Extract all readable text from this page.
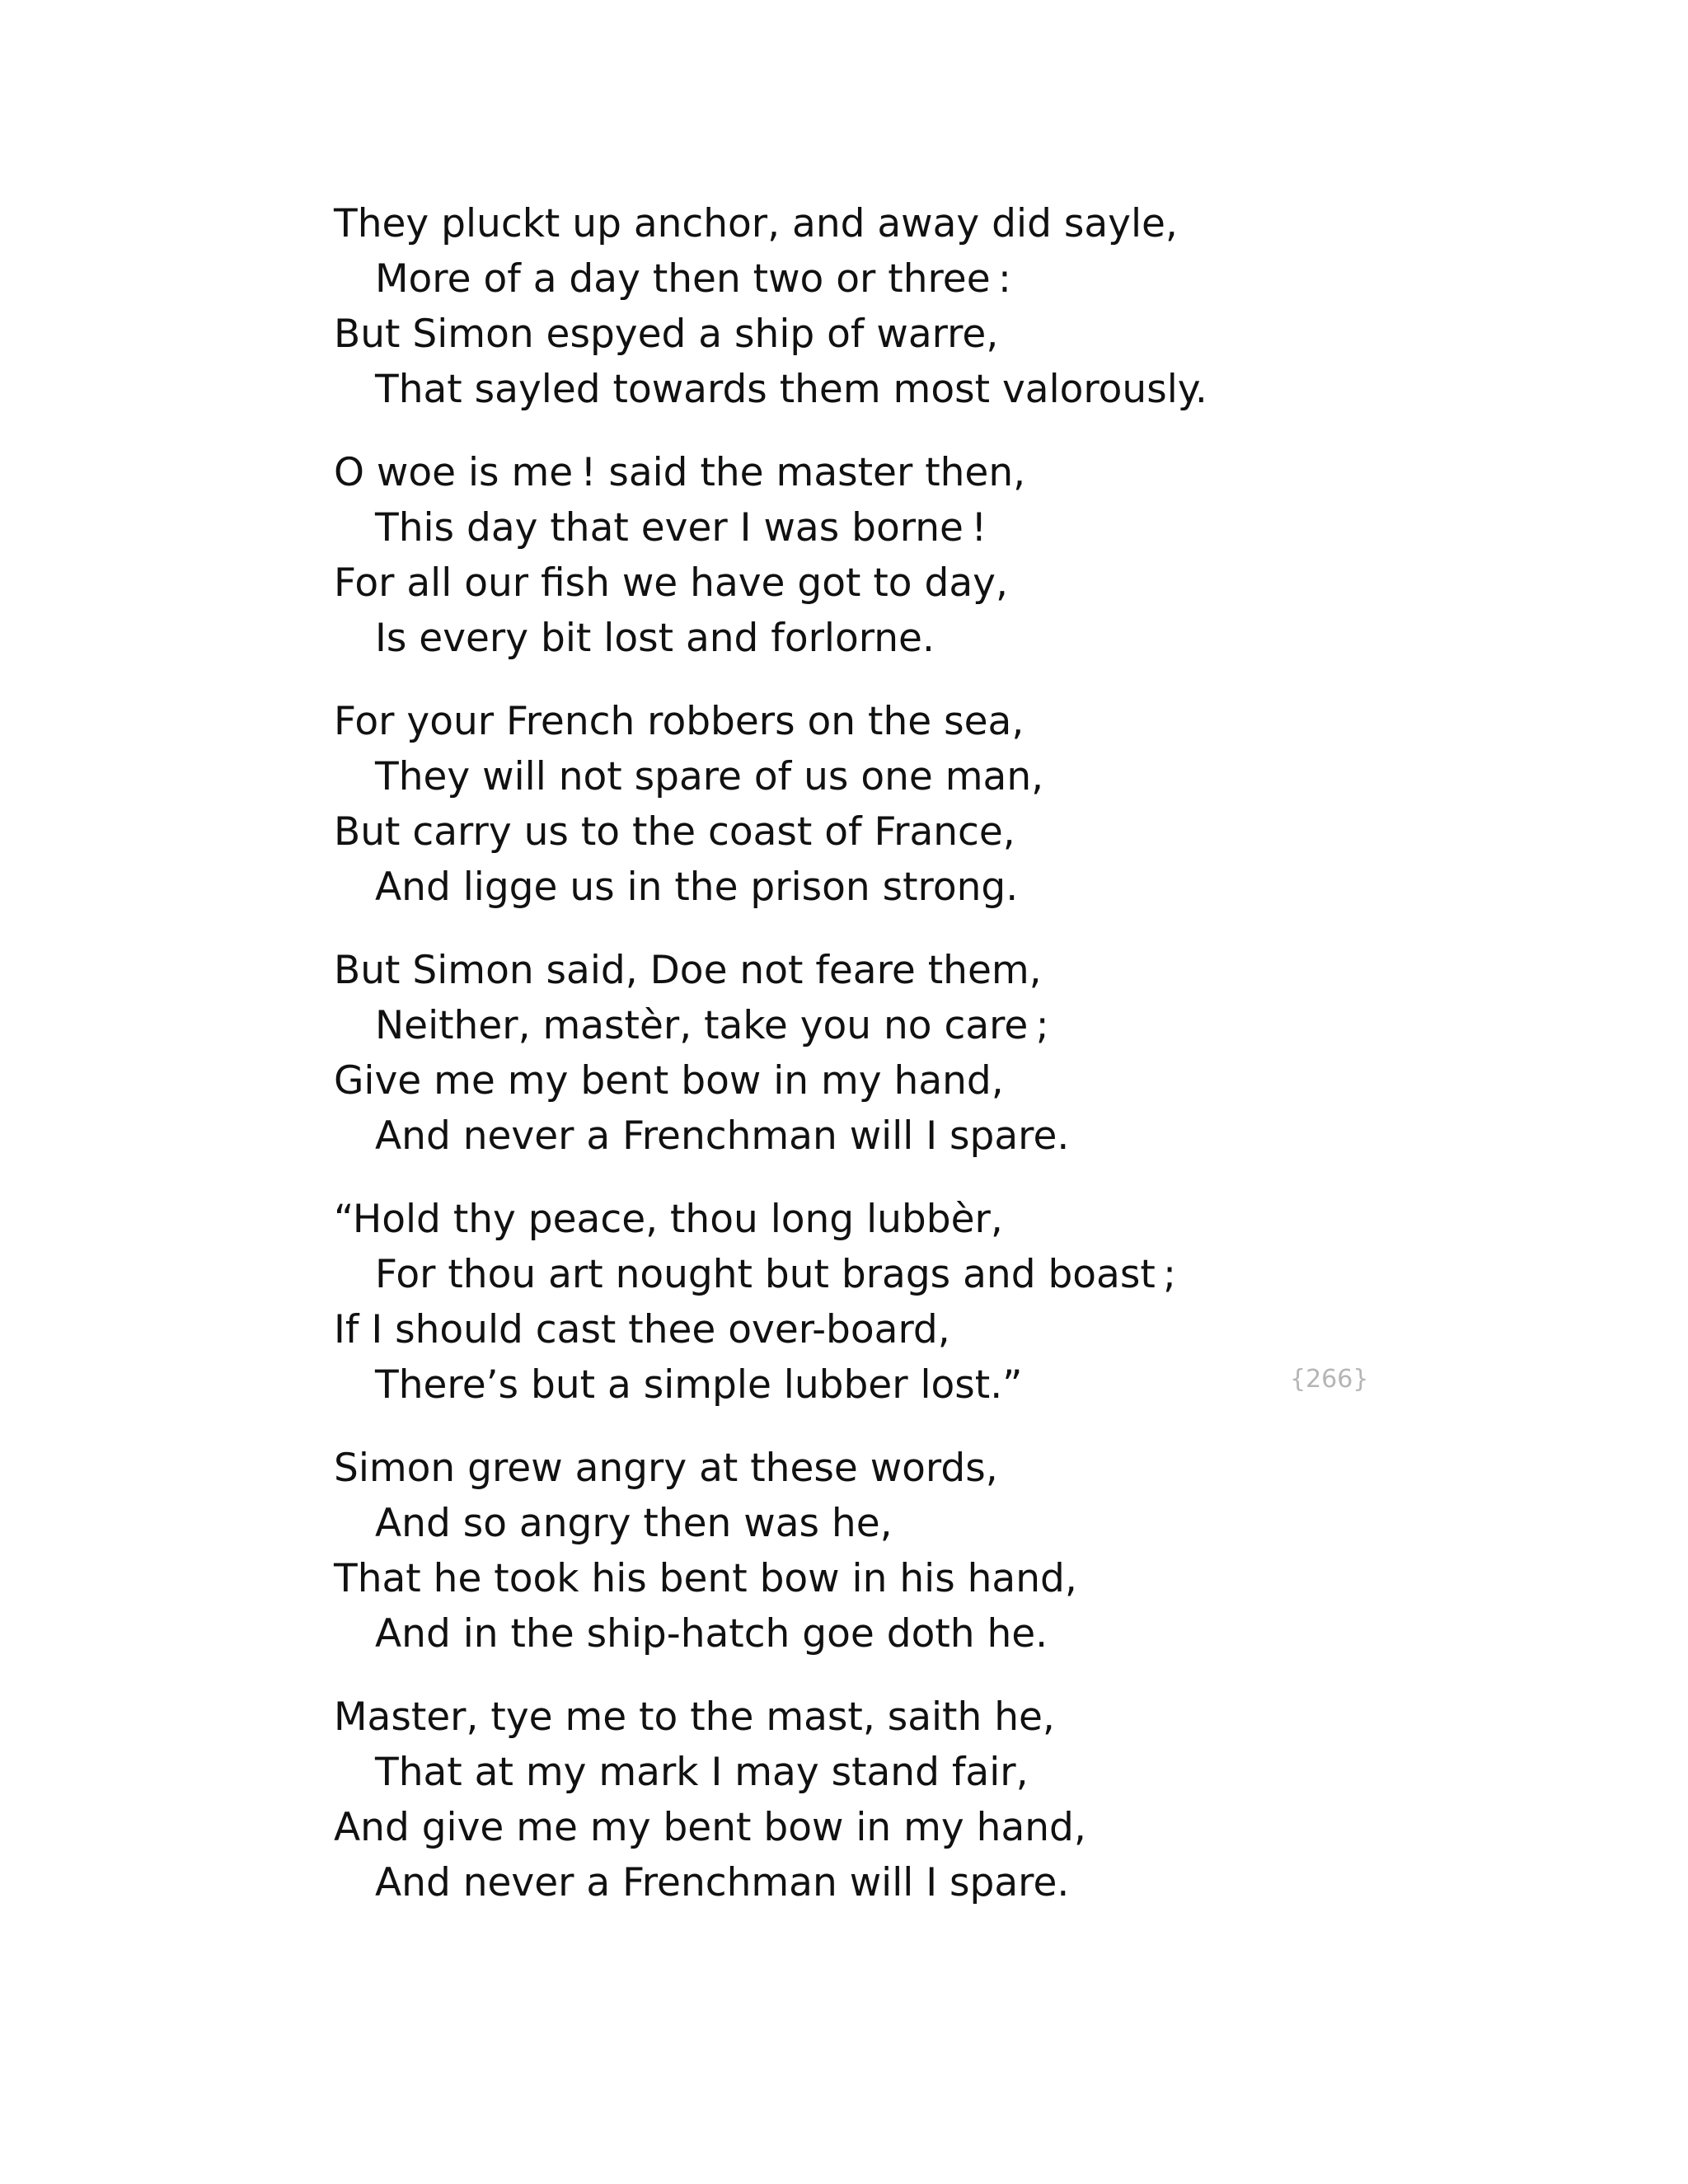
They pluckt up anchor, and away did sayle,
More of a day then two or three :
But Simon espyed a ship of warre,
That sayled towards them most valorously.
O woe is me ! said the master then,
This day that ever I was borne !
For all our fish we have got to day,
Is every bit lost and forlorne.
For your French robbers on the sea,
They will not spare of us one man,
But carry us to the coast of France,
And ligge us in the prison strong.
But Simon said, Doe not feare them,
Neither, mastèr, take you no care ;
Give me my bent bow in my hand,
And never a Frenchman will I spare.
“Hold thy peace, thou long lubbèr,
For thou art nought but brags and boast ;
If I should cast thee over-board,
There’s but a simple lubber lost.”
Simon grew angry at these words,
And so angry then was he,
That he took his bent bow in his hand,
And in the ship-hatch goe doth he.
Master, tye me to the mast, saith he,
That at my mark I may stand fair,
And give me my bent bow in my hand,
And never a Frenchman will I spare.
{266}
